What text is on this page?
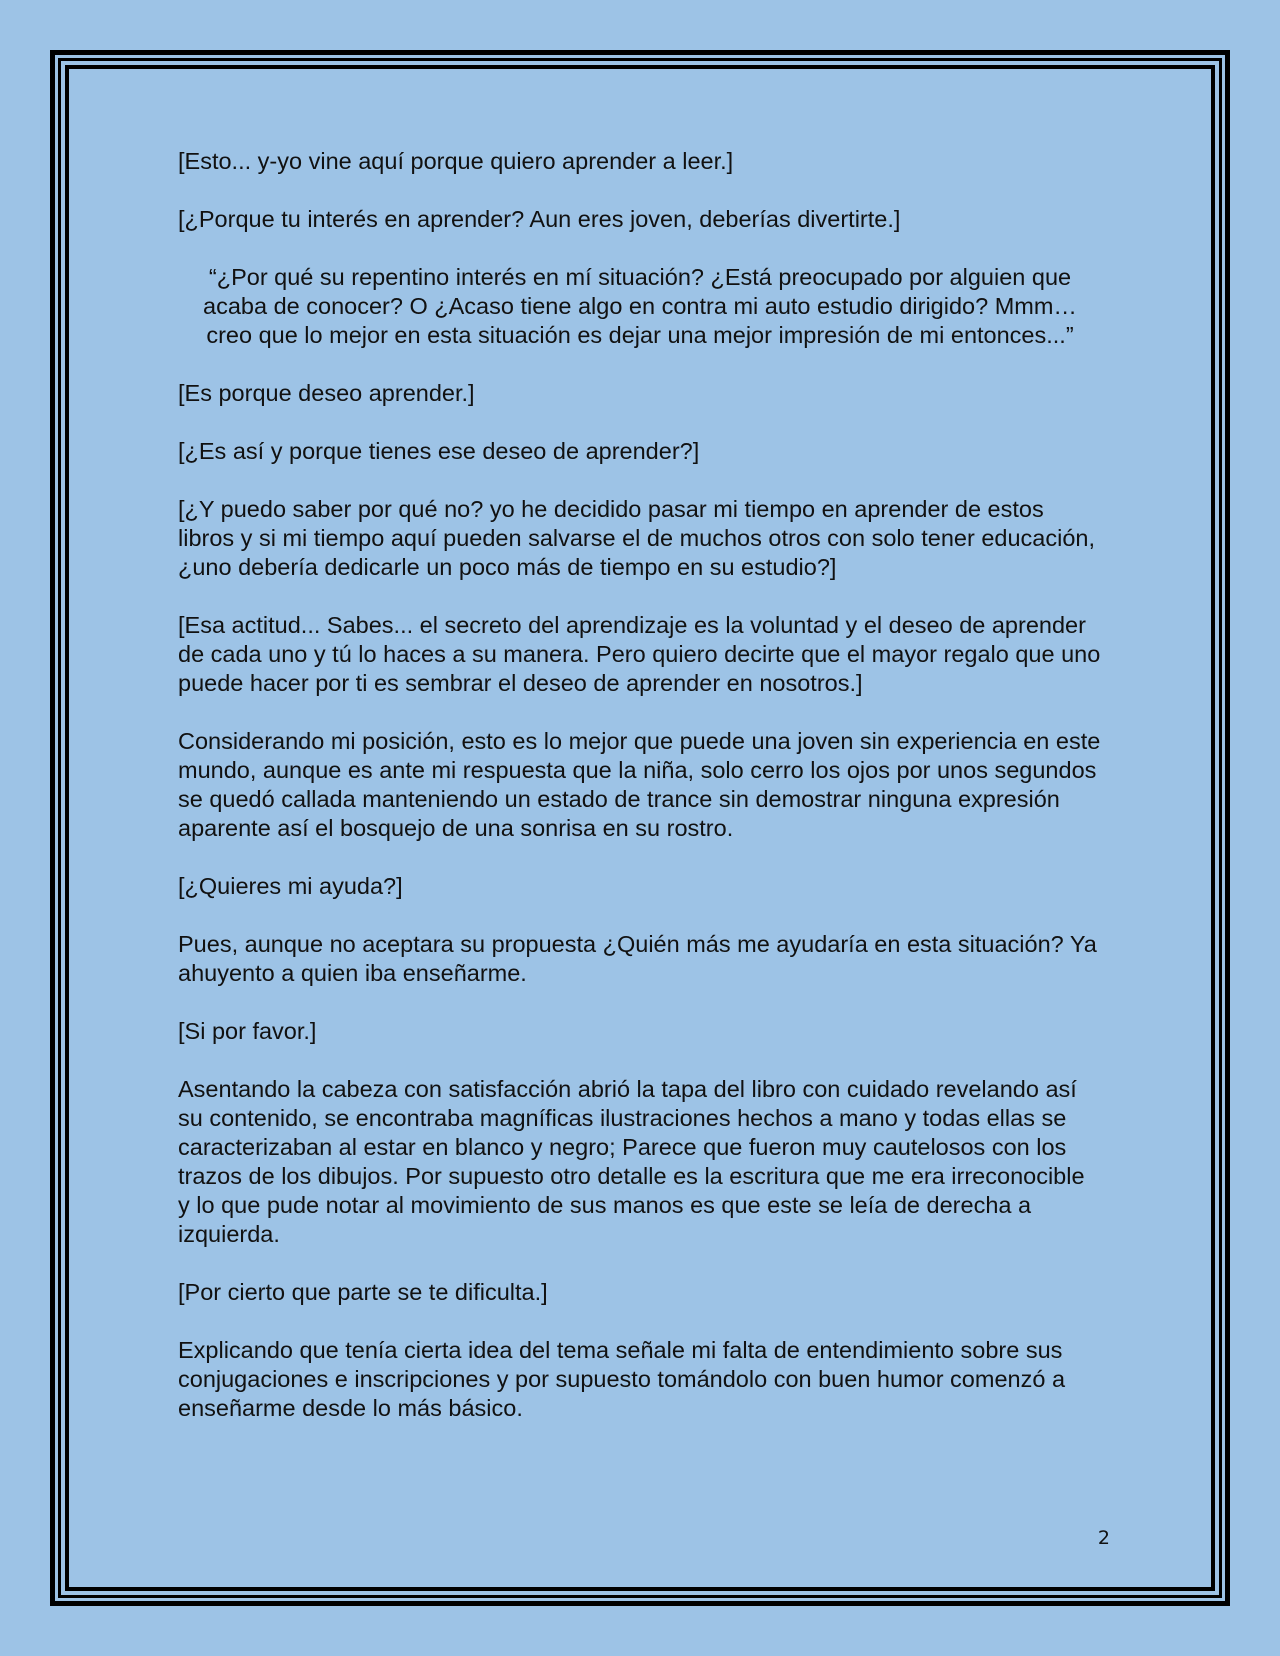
[Esto... y-yo vine aquí porque quiero aprender a leer.]

[¿Porque tu interés en aprender? Aun eres joven, deberías divertirte.]

“¿Por qué su repentino interés en mí situación? ¿Está preocupado por alguien que acaba de conocer? O ¿Acaso tiene algo en contra mi auto estudio dirigido? Mmm… creo que lo mejor en esta situación es dejar una mejor impresión de mi entonces...”

[Es porque deseo aprender.]

[¿Es así y porque tienes ese deseo de aprender?]

[¿Y puedo saber por qué no? yo he decidido pasar mi tiempo en aprender de estos libros y si mi tiempo aquí pueden salvarse el de muchos otros con solo tener educación, ¿uno debería dedicarle un poco más de tiempo en su estudio?]

[Esa actitud... Sabes... el secreto del aprendizaje es la voluntad y el deseo de aprender de cada uno y tú lo haces a su manera. Pero quiero decirte que el mayor regalo que uno puede hacer por ti es sembrar el deseo de aprender en nosotros.]

Considerando mi posición, esto es lo mejor que puede una joven sin experiencia en este mundo, aunque es ante mi respuesta que la niña, solo cerro los ojos por unos segundos se quedó callada manteniendo un estado de trance sin demostrar ninguna expresión aparente así el bosquejo de una sonrisa en su rostro.

[¿Quieres mi ayuda?]

Pues, aunque no aceptara su propuesta ¿Quién más me ayudaría en esta situación? Ya ahuyento a quien iba enseñarme.

[Si por favor.]

Asentando la cabeza con satisfacción abrió la tapa del libro con cuidado revelando así su contenido, se encontraba magníficas ilustraciones hechos a mano y todas ellas se caracterizaban al estar en blanco y negro; Parece que fueron muy cautelosos con los trazos de los dibujos. Por supuesto otro detalle es la escritura que me era irreconocible y lo que pude notar al movimiento de sus manos es que este se leía de derecha a izquierda.

[Por cierto que parte se te dificulta.]

Explicando que tenía cierta idea del tema señale mi falta de entendimiento sobre sus conjugaciones e inscripciones y por supuesto tomándolo con buen humor comenzó a enseñarme desde lo más básico.

2
